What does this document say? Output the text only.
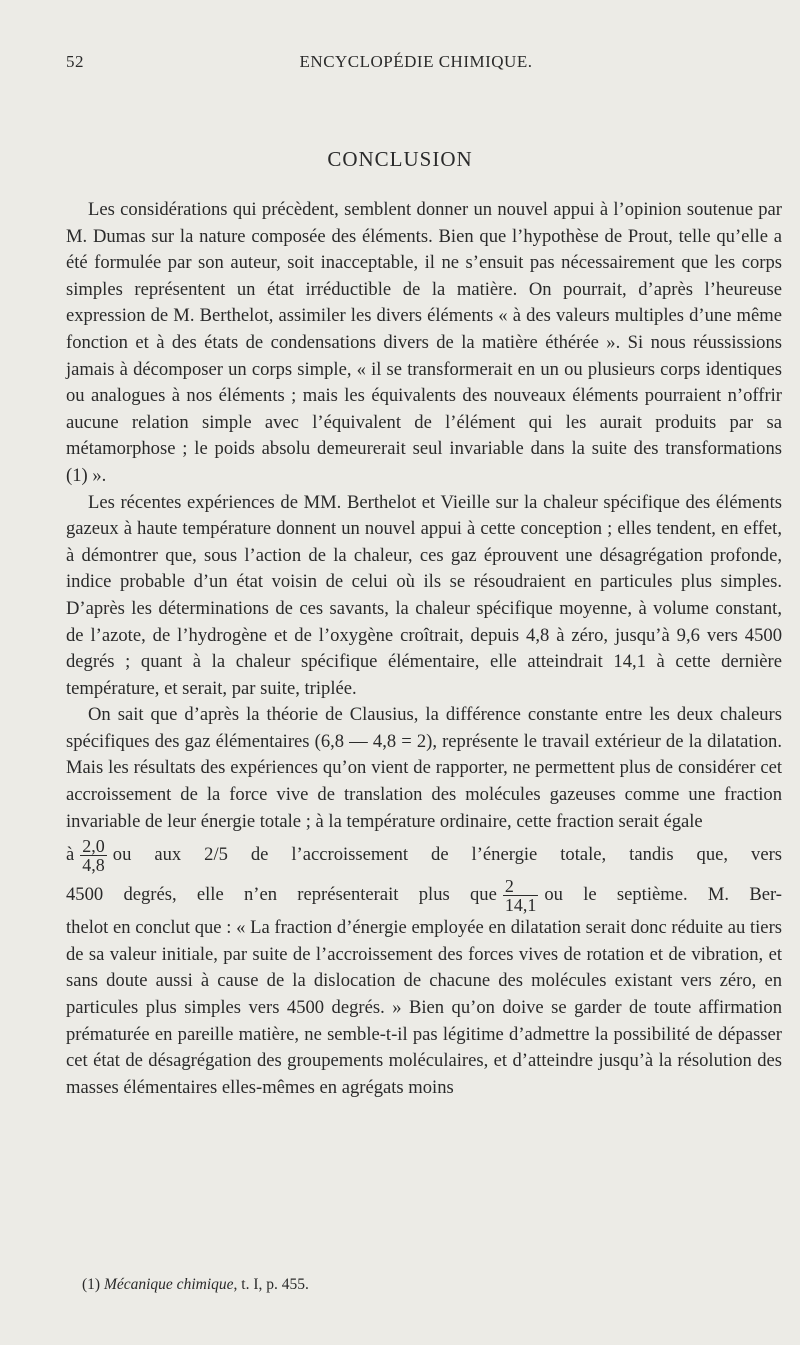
52	ENCYCLOPÉDIE CHIMIQUE.
CONCLUSION

Les considérations qui précèdent, semblent donner un nouvel appui à l’opinion soutenue par M. Dumas sur la nature composée des éléments. Bien que l’hypothèse de Prout, telle qu’elle a été formulée par son auteur, soit inacceptable, il ne s’ensuit pas nécessairement que les corps simples représentent un état irréductible de la matière. On pourrait, d’après l’heureuse expression de M. Berthelot, assimiler les divers éléments « à des valeurs multiples d’une même fonction et à des états de condensations divers de la matière éthérée ». Si nous réussissions jamais à décomposer un corps simple, « il se transformerait en un ou plusieurs corps identiques ou analogues à nos éléments ; mais les équivalents des nouveaux éléments pourraient n’offrir aucune relation simple avec l’équivalent de l’élément qui les aurait produits par sa métamorphose ; le poids absolu demeurerait seul invariable dans la suite des transformations (1) ».

Les récentes expériences de MM. Berthelot et Vieille sur la chaleur spécifique des éléments gazeux à haute température donnent un nouvel appui à cette conception ; elles tendent, en effet, à démontrer que, sous l’action de la chaleur, ces gaz éprouvent une désagrégation profonde, indice probable d’un état voisin de celui où ils se résoudraient en particules plus simples. D’après les déterminations de ces savants, la chaleur spécifique moyenne, à volume constant, de l’azote, de l’hydrogène et de l’oxygène croîtrait, depuis 4,8 à zéro, jusqu’à 9,6 vers 4500 degrés ; quant à la chaleur spécifique élémentaire, elle atteindrait 14,1 à cette dernière température, et serait, par suite, triplée.

On sait que d’après la théorie de Clausius, la différence constante entre les deux chaleurs spécifiques des gaz élémentaires (6,8 — 4,8 = 2), représente le travail extérieur de la dilatation. Mais les résultats des expériences qu’on vient de rapporter, ne permettent plus de considérer cet accroissement de la force vive de translation des molécules gazeuses comme une fraction invariable de leur énergie totale ; à la température ordinaire, cette fraction serait égale

à $\frac{2,0}{4,8}$ ou aux 2/5 de l’accroissement de l’énergie totale, tandis que, vers

4500 degrés, elle n’en représenterait plus que $\frac{2}{14,1}$ ou le septième. M. Ber-

thelot en conclut que : « La fraction d’énergie employée en dilatation serait donc réduite au tiers de sa valeur initiale, par suite de l’accroissement des forces vives de rotation et de vibration, et sans doute aussi à cause de la dislocation de chacune des molécules existant vers zéro, en particules plus simples vers 4500 degrés. » Bien qu’on doive se garder de toute affirmation prématurée en pareille matière, ne semble-t-il pas légitime d’admettre la possibilité de dépasser cet état de désagrégation des groupements moléculaires, et d’atteindre jusqu’à la résolution des masses élémentaires elles-mêmes en agrégats moins

(1) Mécanique chimique, t. I, p. 455.
